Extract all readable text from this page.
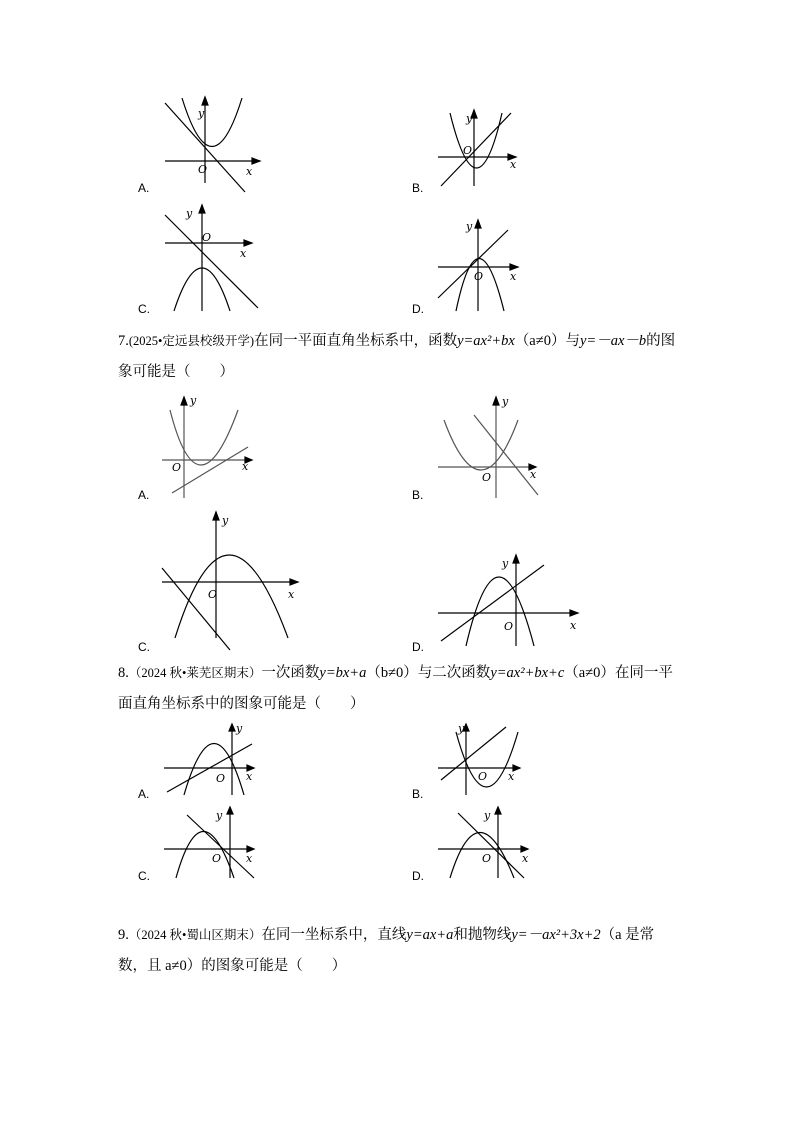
y
x
O
A.
y
x
O
B.
y
x
O
C.
y
x
O
D.
7.(2025•定远县校级开学)在同一平面直角坐标系中，函数y=ax²+bx（a≠0）与y=－ax－b的图象可能是（　　）
y
x
O
A.
y
x
O
B.
y
x
O
C.
y
x
O
D.
8.（2024 秋•莱芜区期末）一次函数y=bx+a（b≠0）与二次函数y=ax²+bx+c（a≠0）在同一平面直角坐标系中的图象可能是（　　）
y
x
O
A.
y
x
O
B.
y
x
O
C.
y
x
O
D.
9.（2024 秋•蜀山区期末）在同一坐标系中，直线y=ax+a和抛物线y=－ax²+3x+2（a 是常数，且 a≠0）的图象可能是（　　）
